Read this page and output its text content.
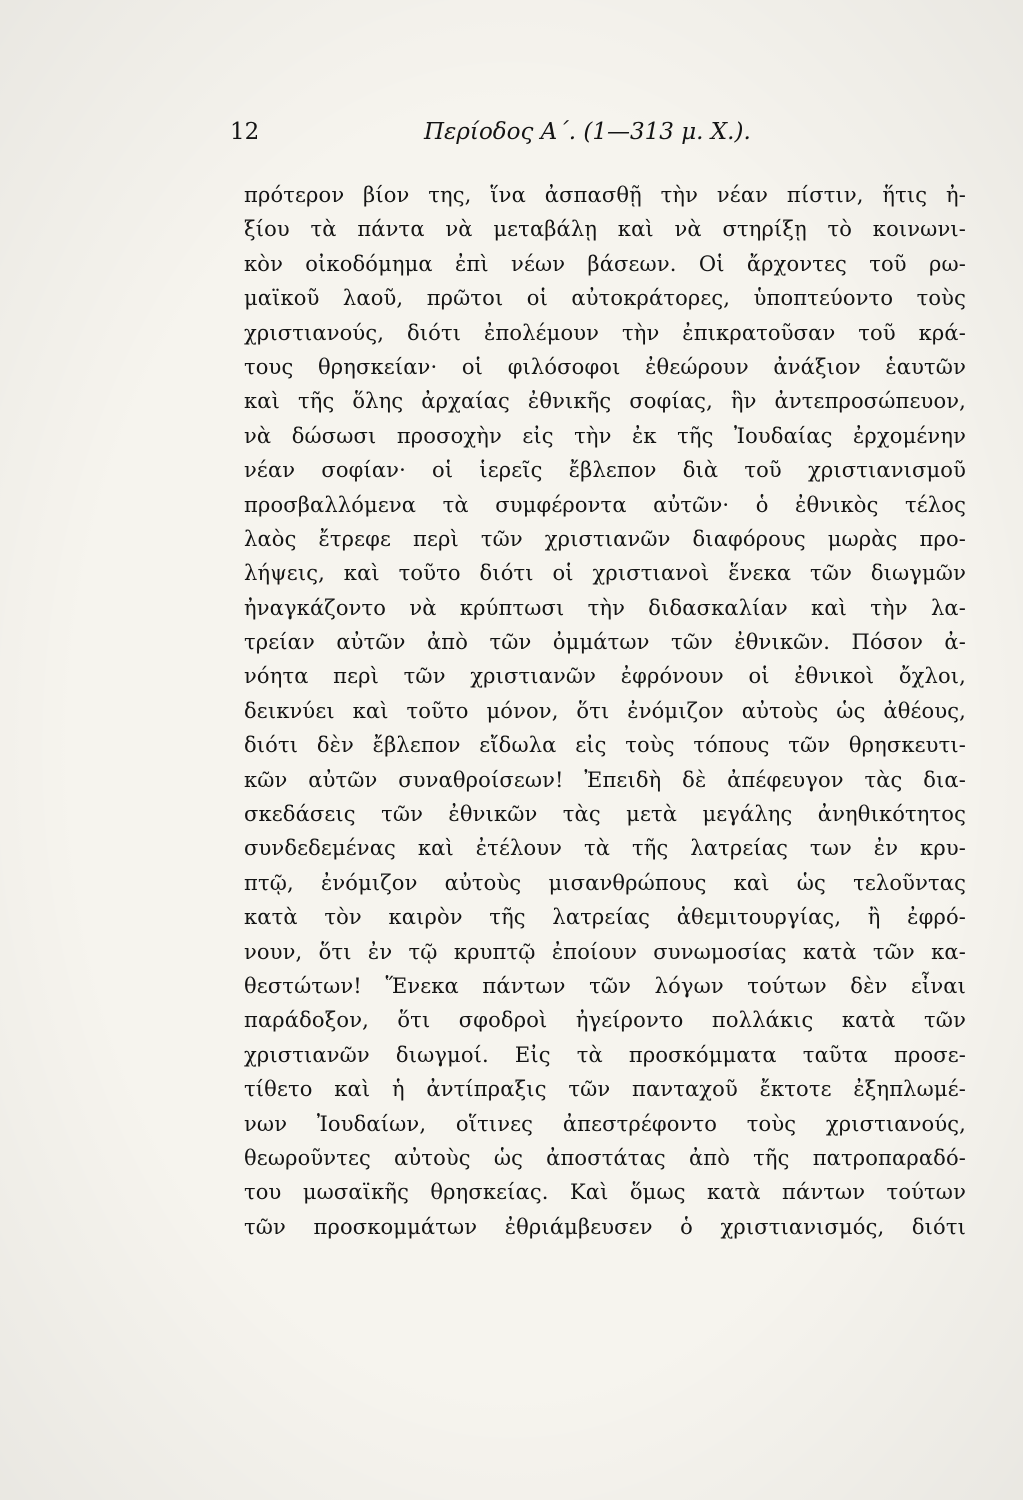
12	Περίοδος Α΄. (1—313 μ. Χ.).
πρότερον βίον της, ἵνα ἀσπασθῇ τὴν νέαν πίστιν, ἥτις ἠ-
ξίου τὰ πάντα νὰ μεταβάλῃ καὶ νὰ στηρίξῃ τὸ κοινωνι-
κὸν οἰκοδόμημα ἐπὶ νέων βάσεων. Οἱ ἄρχοντες τοῦ ρω-
μαϊκοῦ λαοῦ, πρῶτοι οἱ αὐτοκράτορες, ὑποπτεύοντο τοὺς
χριστιανούς, διότι ἐπολέμουν τὴν ἐπικρατοῦσαν τοῦ κρά-
τους θρησκείαν· οἱ φιλόσοφοι ἐθεώρουν ἀνάξιον ἑαυτῶν
καὶ τῆς ὅλης ἀρχαίας ἐθνικῆς σοφίας, ἣν ἀντεπροσώπευον,
νὰ δώσωσι προσοχὴν εἰς τὴν ἐκ τῆς Ἰουδαίας ἐρχομένην
νέαν σοφίαν· οἱ ἱερεῖς ἔβλεπον διὰ τοῦ χριστιανισμοῦ
προσβαλλόμενα τὰ συμφέροντα αὐτῶν· ὁ ἐθνικὸς τέλος
λαὸς ἔτρεφε περὶ τῶν χριστιανῶν διαφόρους μωρὰς προ-
λήψεις, καὶ τοῦτο διότι οἱ χριστιανοὶ ἕνεκα τῶν διωγμῶν
ἠναγκάζοντο νὰ κρύπτωσι τὴν διδασκαλίαν καὶ τὴν λα-
τρείαν αὐτῶν ἀπὸ τῶν ὀμμάτων τῶν ἐθνικῶν. Πόσον ἀ-
νόητα περὶ τῶν χριστιανῶν ἐφρόνουν οἱ ἐθνικοὶ ὄχλοι,
δεικνύει καὶ τοῦτο μόνον, ὅτι ἐνόμιζον αὐτοὺς ὡς ἀθέους,
διότι δὲν ἔβλεπον εἴδωλα εἰς τοὺς τόπους τῶν θρησκευτι-
κῶν αὐτῶν συναθροίσεων! Ἐπειδὴ δὲ ἀπέφευγον τὰς δια-
σκεδάσεις τῶν ἐθνικῶν τὰς μετὰ μεγάλης ἀνηθικότητος
συνδεδεμένας καὶ ἐτέλουν τὰ τῆς λατρείας των ἐν κρυ-
πτῷ, ἐνόμιζον αὐτοὺς μισανθρώπους καὶ ὡς τελοῦντας
κατὰ τὸν καιρὸν τῆς λατρείας ἀθεμιτουργίας, ἢ ἐφρό-
νουν, ὅτι ἐν τῷ κρυπτῷ ἐποίουν συνωμοσίας κατὰ τῶν κα-
θεστώτων! Ἕνεκα πάντων τῶν λόγων τούτων δὲν εἶναι
παράδοξον, ὅτι σφοδροὶ ἠγείροντο πολλάκις κατὰ τῶν
χριστιανῶν διωγμοί. Εἰς τὰ προσκόμματα ταῦτα προσε-
τίθετο καὶ ἡ ἀντίπραξις τῶν πανταχοῦ ἔκτοτε ἐξηπλωμέ-
νων Ἰουδαίων, οἵτινες ἀπεστρέφοντο τοὺς χριστιανούς,
θεωροῦντες αὐτοὺς ὡς ἀποστάτας ἀπὸ τῆς πατροπαραδό-
του μωσαϊκῆς θρησκείας. Καὶ ὅμως κατὰ πάντων τούτων
τῶν προσκομμάτων ἐθριάμβευσεν ὁ χριστιανισμός, διότι
